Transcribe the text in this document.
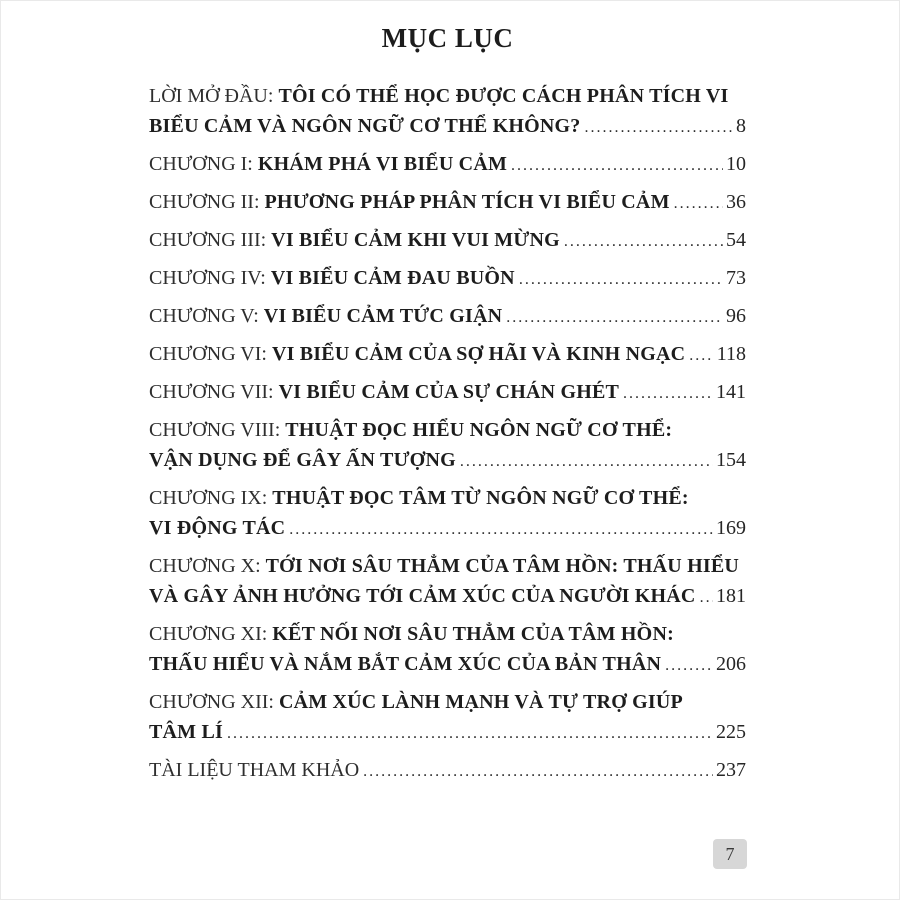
MỤC LỤC
LỜI MỞ ĐẦU: TÔI CÓ THỂ HỌC ĐƯỢC CÁCH PHÂN TÍCH VI
BIỂU CẢM VÀ NGÔN NGỮ CƠ THỂ KHÔNG? .....	8
CHƯƠNG I: KHÁM PHÁ VI BIỂU CẢM .....	10
CHƯƠNG II: PHƯƠNG PHÁP PHÂN TÍCH VI BIỂU CẢM .....	36
CHƯƠNG III: VI BIỂU CẢM KHI VUI MỪNG .....	54
CHƯƠNG IV: VI BIỂU CẢM ĐAU BUỒN .....	73
CHƯƠNG V: VI BIỂU CẢM TỨC GIẬN .....	96
CHƯƠNG VI: VI BIỂU CẢM CỦA SỢ HÃI VÀ KINH NGẠC ..... 118
CHƯƠNG VII: VI BIỂU CẢM CỦA SỰ CHÁN GHÉT .....	141
CHƯƠNG VIII: THUẬT ĐỌC HIỂU NGÔN NGỮ CƠ THỂ:
VẬN DỤNG ĐỂ GÂY ẤN TƯỢNG .....	154
CHƯƠNG IX: THUẬT ĐỌC TÂM TỪ NGÔN NGỮ CƠ THỂ:
VI ĐỘNG TÁC .....	169
CHƯƠNG X: TỚI NƠI SÂU THẲM CỦA TÂM HỒN: THẤU HIỂU
VÀ GÂY ẢNH HƯỞNG TỚI CẢM XÚC CỦA NGƯỜI KHÁC ..... 181
CHƯƠNG XI: KẾT NỐI NƠI SÂU THẲM CỦA TÂM HỒN:
THẤU HIỂU VÀ NẮM BẮT CẢM XÚC CỦA BẢN THÂN .....	206
CHƯƠNG XII: CẢM XÚC LÀNH MẠNH VÀ TỰ TRỢ GIÚP
TÂM LÍ .....	225
TÀI LIỆU THAM KHẢO .....	237
7
